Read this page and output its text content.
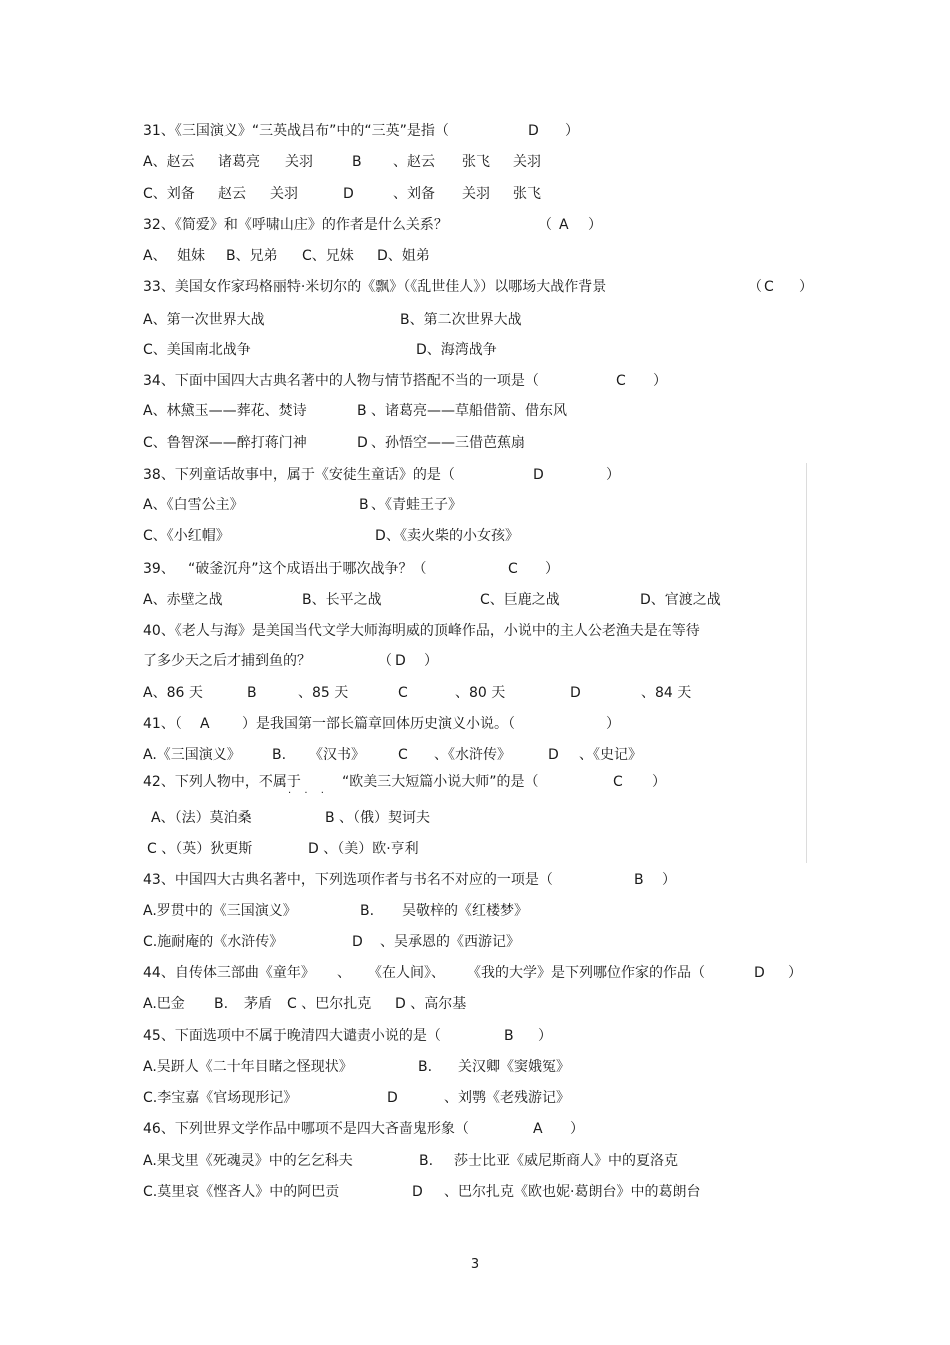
31、《三国演义》“三英战吕布”中的“三英”是指（	D ）
A、赵云 诸葛亮 关羽	B 、赵云 张飞 关羽
C、刘备 赵云 关羽	D	、刘备 关羽 张飞
32、《简爱》和《呼啸山庄》的作者是什么关系？	（ A ）
A、 姐妹 B、兄弟 C、兄妹 D、姐弟
33、美国女作家玛格丽特·米切尔的《飘》（《乱世佳人》）以哪场大战作背景	（ C ）
A、第一次世界大战	B、第二次世界大战
C、美国南北战争	D、海湾战争
34、下面中国四大古典名著中的人物与情节搭配不当的一项是（	C ）
A、林黛玉——葬花、焚诗	B 、诸葛亮——草船借箭、借东风
C、鲁智深——醉打蒋门神	D 、孙悟空——三借芭蕉扇
38、下列童话故事中，属于《安徒生童话》的是（	D	）
A、《白雪公主》	B 、《青蛙王子》
C、《小红帽》	D 、《卖火柴的小女孩》
39、 “破釜沉舟”这个成语出于哪次战争？（	C ）
A、赤壁之战	B、长平之战	C、巨鹿之战	D、官渡之战
40、《老人与海》是美国当代文学大师海明威的顶峰作品，小说中的主人公老渔夫是在等待
了多少天之后才捕到鱼的？	（ D ）
A、86 天	B	、85 天	C	、80 天	D	、84 天
41、（ A ）是我国第一部长篇章回体历史演义小说。（	）
A.《三国演义》 B. 《汉书》 C 、《水浒传》	D 、《史记》
42、下列人物中，不属于	“欧美三大短篇小说大师”的是（	C ）
A、（法）莫泊桑	B 、（俄）契诃夫
C 、（英）狄更斯	D 、（美）欧·亨利
43、中国四大古典名著中，下列选项作者与书名不对应的一项是（	B ）
A.罗贯中的《三国演义》	B. 吴敬梓的《红楼梦》
C.施耐庵的《水浒传》	D 、吴承恩的《西游记》
44、自传体三部曲《童年》 、 《在人间》、 《我的大学》是下列哪位作家的作品（	D ）
A.巴金 B. 茅盾 C 、巴尔扎克 D 、高尔基
45、下面选项中不属于晚清四大谴责小说的是（	B ）
A.吴趼人《二十年目睹之怪现状》	B. 关汉卿《窦娥冤》
C.李宝嘉《官场现形记》	D	、刘鹗《老残游记》
46、下列世界文学作品中哪项不是四大吝啬鬼形象（	A ）
A.果戈里《死魂灵》中的乞乞科夫	B. 莎士比亚《威尼斯商人》中的夏洛克
C.莫里哀《悭吝人》中的阿巴贡	D 、巴尔扎克《欧也妮·葛朗台》中的葛朗台
· · ·
3
